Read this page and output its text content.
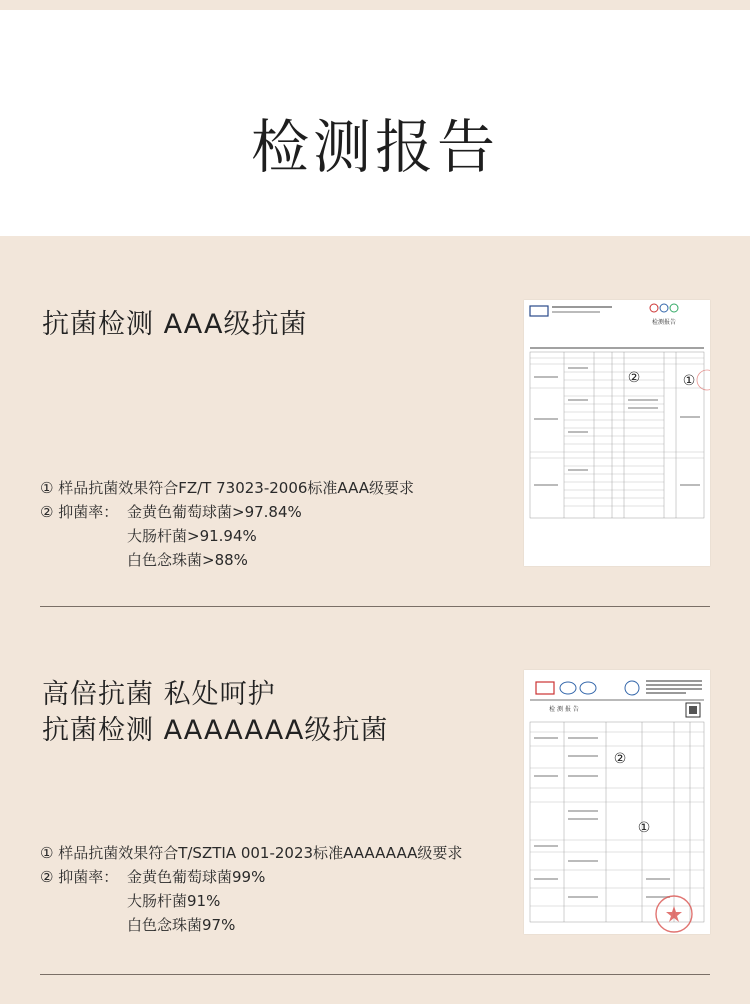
检测报告
抗菌检测 AAA级抗菌
① 样品抗菌效果符合FZ/T 73023-2006标准AAA级要求
② 抑菌率： 金黄色葡萄球菌>97.84%
大肠杆菌>91.94%
白色念珠菌>88%
检测报告
②	①
高倍抗菌 私处呵护
抗菌检测 AAAAAAA级抗菌
① 样品抗菌效果符合T/SZTIA 001-2023标准AAAAAAA级要求
② 抑菌率： 金黄色葡萄球菌99%
大肠杆菌91%
白色念珠菌97%
检 测 报 告
②
①
